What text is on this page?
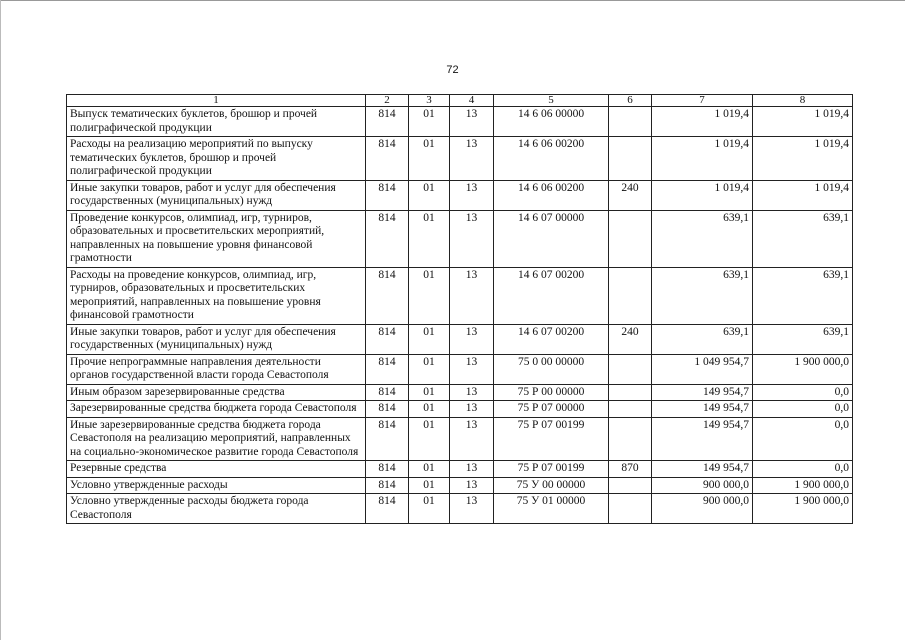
72
1	2	3	4	5	6	7	8
Выпуск тематических буклетов, брошюр и прочей полиграфической продукции	814	01	13	14 6 06 00000		1 019,4	1 019,4
Расходы на реализацию мероприятий по выпуску тематических буклетов, брошюр и прочей полиграфической продукции	814	01	13	14 6 06 00200		1 019,4	1 019,4
Иные закупки товаров, работ и услуг для обеспечения государственных (муниципальных) нужд	814	01	13	14 6 06 00200	240	1 019,4	1 019,4
Проведение конкурсов, олимпиад, игр, турниров, образовательных и просветительских мероприятий, направленных на повышение уровня финансовой грамотности	814	01	13	14 6 07 00000		639,1	639,1
Расходы на проведение конкурсов, олимпиад, игр, турниров, образовательных и просветительских мероприятий, направленных на повышение уровня финансовой грамотности	814	01	13	14 6 07 00200		639,1	639,1
Иные закупки товаров, работ и услуг для обеспечения государственных (муниципальных) нужд	814	01	13	14 6 07 00200	240	639,1	639,1
Прочие непрограммные направления деятельности органов государственной власти города Севастополя	814	01	13	75 0 00 00000		1 049 954,7	1 900 000,0
Иным образом зарезервированные средства	814	01	13	75 Р 00 00000		149 954,7	0,0
Зарезервированные средства бюджета города Севастополя	814	01	13	75 Р 07 00000		149 954,7	0,0
Иные зарезервированные средства бюджета города Севастополя на реализацию мероприятий, направленных на социально-экономическое развитие города Севастополя	814	01	13	75 Р 07 00199		149 954,7	0,0
Резервные средства	814	01	13	75 Р 07 00199	870	149 954,7	0,0
Условно утвержденные расходы	814	01	13	75 У 00 00000		900 000,0	1 900 000,0
Условно утвержденные расходы бюджета города Севастополя	814	01	13	75 У 01 00000		900 000,0	1 900 000,0
